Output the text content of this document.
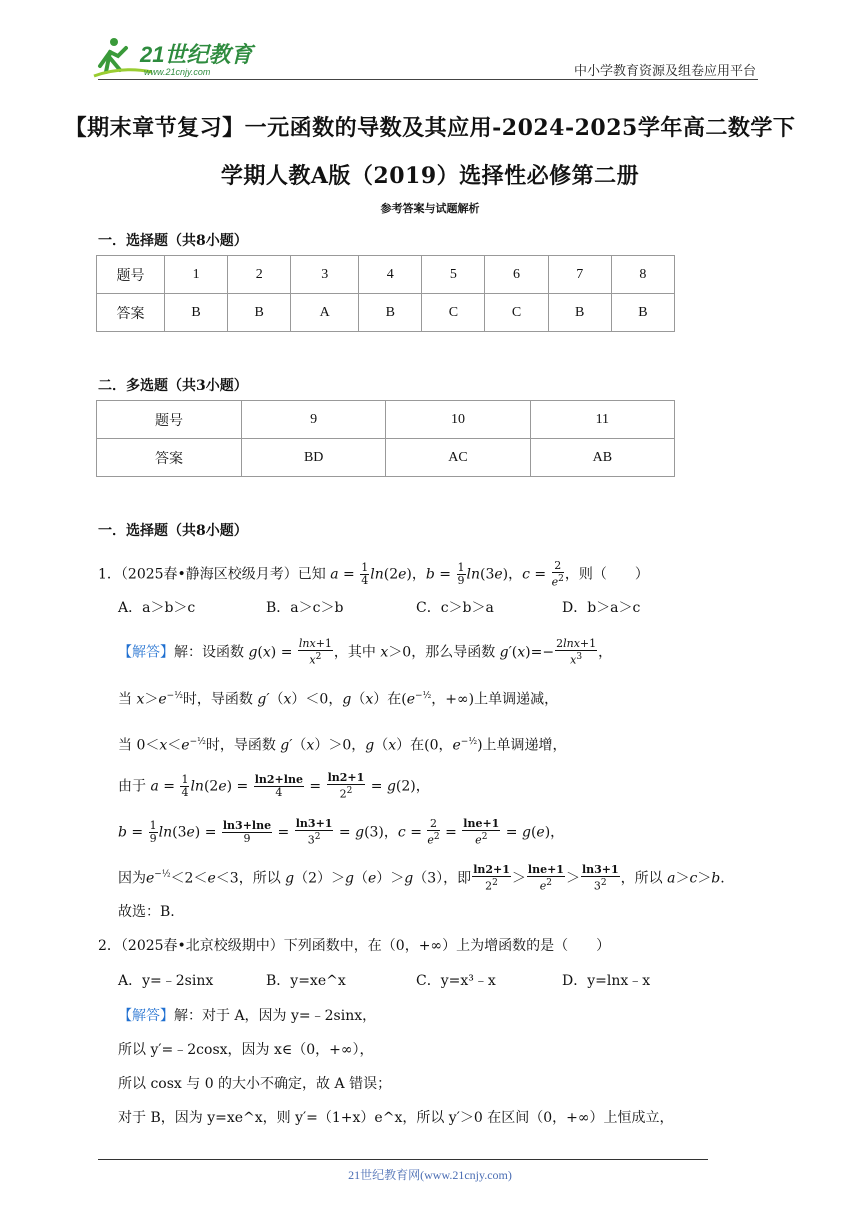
21世纪教育
www.21cnjy.com	中小学教育资源及组卷应用平台
【期末章节复习】一元函数的导数及其应用-2024-2025学年高二数学下
学期人教A版（2019）选择性必修第二册
参考答案与试题解析
一．选择题（共8小题）
题号	1	2	3	4	5	6	7	8
答案	B	B	A	B	C	C	B	B
二．多选题（共3小题）
题号	9	10	11
答案	BD	AC	AB
一．选择题（共8小题）
1．（2025春•静海区校级月考）已知 $a = \frac{1}{4} \ln(2e)$，$b = \frac{1}{9} \ln(3e)$，$c = \frac{2}{e^2}$ ，则（　　）
A．a＞b＞c	B．a＞c＞b	C．c＞b＞a	D．b＞a＞c
【解答】解：设函数 $g(x) = \frac{\ln x+1}{x^2}$ ，其中 x＞0，那么导函数 $g'(x)=- \frac{2\ln x+1}{x^3}$ ，
当 $x>e^{-\frac{1}{2}}$时，导函数 g′（x）＜0，g（x）在($e^{-\frac{1}{2}}$，+∞)上单调递减，
当 $0<x<e^{-\frac{1}{2}}$时，导函数 g′（x）＞0，g（x）在(0，$e^{-\frac{1}{2}}$)上单调递增，
由于 $a = \frac{1}{4} \ln(2e) = \frac{\ln 2+\ln e}{4} = \frac{\ln 2+1}{2^2} = g(2)$，
$b = \frac{1}{9} \ln(3e) = \frac{\ln 3+\ln e}{9} = \frac{\ln 3+1}{3^2} = g(3)$，$c = \frac{2}{e^2} = \frac{\ln e+1}{e^2} = g(e)$，
因为$e^{-\frac{1}{2}}<2<e<3$，所以 g（2）＞g（e）＞g（3），即 $\frac{\ln 2+1}{2^2} > \frac{\ln e+1}{e^2} > \frac{\ln 3+1}{3^2}$ ，所以 a＞c＞b.
故选：B.
2．（2025春•北京校级期中）下列函数中，在（0，+∞）上为增函数的是（　　）
A．y=﹣2sinx	B．y=xe^x	C．y=x³﹣x	D．y=lnx﹣x
【解答】解：对于 A，因为 y=﹣2sinx，
所以 y′=﹣2cosx，因为 x∈（0，+∞），
所以 cosx 与 0 的大小不确定，故 A 错误；
对于 B，因为 y=xe^x，则 y′=（1+x）e^x，所以 y′＞0 在区间（0，+∞）上恒成立，
21世纪教育网(www.21cnjy.com)
